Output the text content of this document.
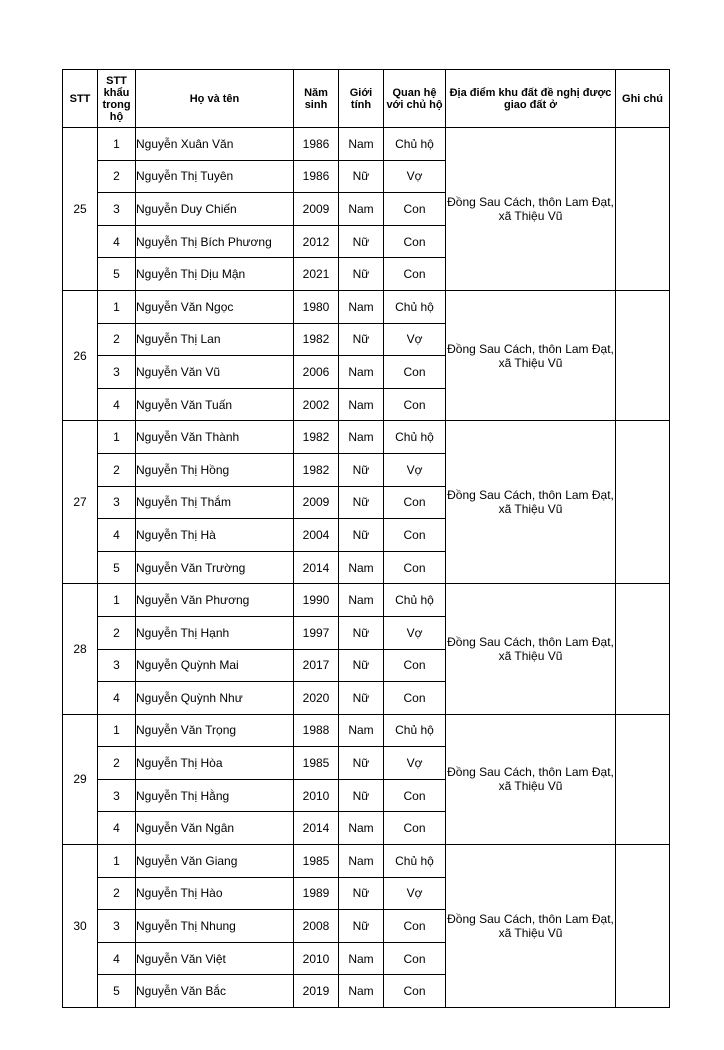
STT	STT khẩu trong hộ	Họ và tên	Năm sinh	Giới tính	Quan hệ với chủ hộ	Địa điểm khu đất đề nghị được giao đất ở	Ghi chú
25	1	Nguyễn Xuân Văn	1986	Nam	Chủ hộ	Đồng Sau Cách, thôn Lam Đạt, xã Thiệu Vũ	
	2	Nguyễn Thị Tuyên	1986	Nữ	Vợ		
	3	Nguyễn Duy Chiến	2009	Nam	Con		
	4	Nguyễn Thị Bích Phương	2012	Nữ	Con		
	5	Nguyễn Thị Dịu Mận	2021	Nữ	Con		
26	1	Nguyễn Văn Ngọc	1980	Nam	Chủ hộ	Đồng Sau Cách, thôn Lam Đạt, xã Thiệu Vũ	
	2	Nguyễn Thị Lan	1982	Nữ	Vợ		
	3	Nguyễn Văn Vũ	2006	Nam	Con		
	4	Nguyễn Văn Tuấn	2002	Nam	Con		
27	1	Nguyễn Văn Thành	1982	Nam	Chủ hộ	Đồng Sau Cách, thôn Lam Đạt, xã Thiệu Vũ	
	2	Nguyễn Thị Hồng	1982	Nữ	Vợ		
	3	Nguyễn Thị Thắm	2009	Nữ	Con		
	4	Nguyễn Thị Hà	2004	Nữ	Con		
	5	Nguyễn Văn Trường	2014	Nam	Con		
28	1	Nguyễn Văn Phương	1990	Nam	Chủ hộ	Đồng Sau Cách, thôn Lam Đạt, xã Thiệu Vũ	
	2	Nguyễn Thị Hạnh	1997	Nữ	Vợ		
	3	Nguyễn Quỳnh Mai	2017	Nữ	Con		
	4	Nguyễn Quỳnh Như	2020	Nữ	Con		
29	1	Nguyễn Văn Trọng	1988	Nam	Chủ hộ	Đồng Sau Cách, thôn Lam Đạt, xã Thiệu Vũ	
	2	Nguyễn Thị Hòa	1985	Nữ	Vợ		
	3	Nguyễn Thị Hằng	2010	Nữ	Con		
	4	Nguyễn Văn Ngân	2014	Nam	Con		
30	1	Nguyễn Văn Giang	1985	Nam	Chủ hộ	Đồng Sau Cách, thôn Lam Đạt, xã Thiệu Vũ	
	2	Nguyễn Thị Hào	1989	Nữ	Vợ		
	3	Nguyễn Thị Nhung	2008	Nữ	Con		
	4	Nguyễn Văn Việt	2010	Nam	Con		
	5	Nguyễn Văn Bắc	2019	Nam	Con		
